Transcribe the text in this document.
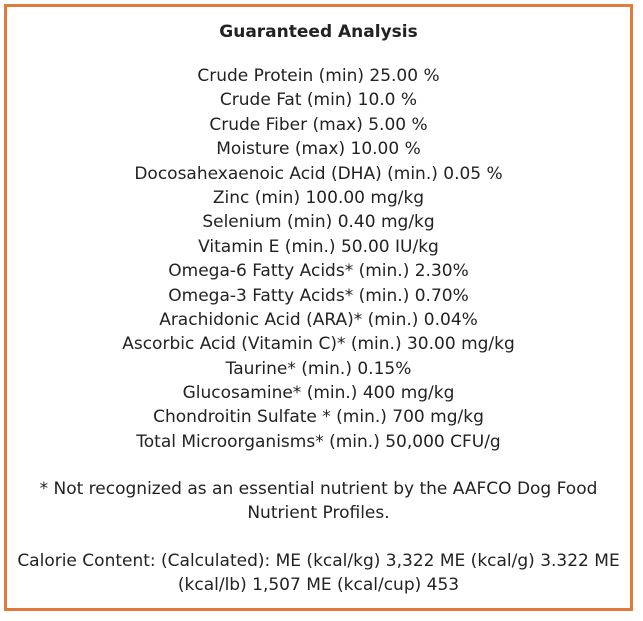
Guaranteed Analysis
Crude Protein (min) 25.00 %
Crude Fat (min) 10.0 %
Crude Fiber (max) 5.00 %
Moisture (max) 10.00 %
Docosahexaenoic Acid (DHA) (min.) 0.05 %
Zinc (min) 100.00 mg/kg
Selenium (min) 0.40 mg/kg
Vitamin E (min.) 50.00 IU/kg
Omega-6 Fatty Acids* (min.) 2.30%
Omega-3 Fatty Acids* (min.) 0.70%
Arachidonic Acid (ARA)* (min.) 0.04%
Ascorbic Acid (Vitamin C)* (min.) 30.00 mg/kg
Taurine* (min.) 0.15%
Glucosamine* (min.) 400 mg/kg
Chondroitin Sulfate * (min.) 700 mg/kg
Total Microorganisms* (min.) 50,000 CFU/g
* Not recognized as an essential nutrient by the AAFCO Dog Food Nutrient Profiles.
Calorie Content: (Calculated): ME (kcal/kg) 3,322 ME (kcal/g) 3.322 ME (kcal/lb) 1,507 ME (kcal/cup) 453
